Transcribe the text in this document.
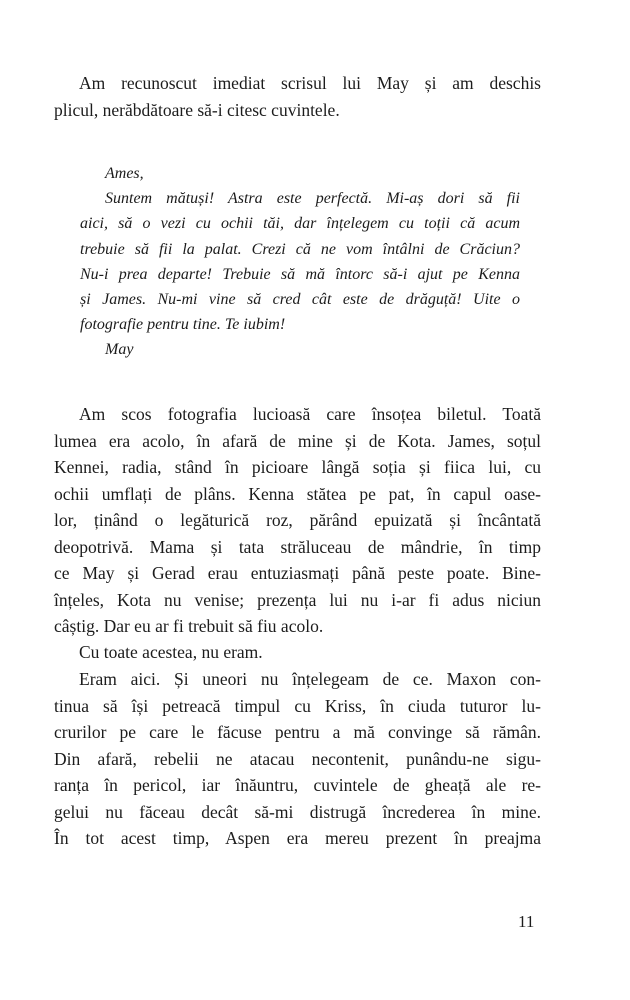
Am recunoscut imediat scrisul lui May și am deschis
plicul, nerăbdătoare să-i citesc cuvintele.

Ames,
Suntem mătuși! Astra este perfectă. Mi-aș dori să fii
aici, să o vezi cu ochii tăi, dar înțelegem cu toții că acum
trebuie să fii la palat. Crezi că ne vom întâlni de Crăciun?
Nu-i prea departe! Trebuie să mă întorc să-i ajut pe Kenna
și James. Nu-mi vine să cred cât este de drăguță! Uite o
fotografie pentru tine. Te iubim!
May

Am scos fotografia lucioasă care însoțea biletul. Toată
lumea era acolo, în afară de mine și de Kota. James, soțul
Kennei, radia, stând în picioare lângă soția și fiica lui, cu
ochii umflați de plâns. Kenna stătea pe pat, în capul oase-
lor, ținând o legăturică roz, părând epuizată și încântată
deopotrivă. Mama și tata străluceau de mândrie, în timp
ce May și Gerad erau entuziasmați până peste poate. Bine-
înțeles, Kota nu venise; prezența lui nu i-ar fi adus niciun
câștig. Dar eu ar fi trebuit să fiu acolo.

Cu toate acestea, nu eram.

Eram aici. Și uneori nu înțelegeam de ce. Maxon con-
tinua să își petreacă timpul cu Kriss, în ciuda tuturor lu-
crurilor pe care le făcuse pentru a mă convinge să rămân.
Din afară, rebelii ne atacau necontenit, punându-ne sigu-
ranța în pericol, iar înăuntru, cuvintele de gheață ale re-
gelui nu făceau decât să-mi distrugă încrederea în mine.
În tot acest timp, Aspen era mereu prezent în preajma

11
